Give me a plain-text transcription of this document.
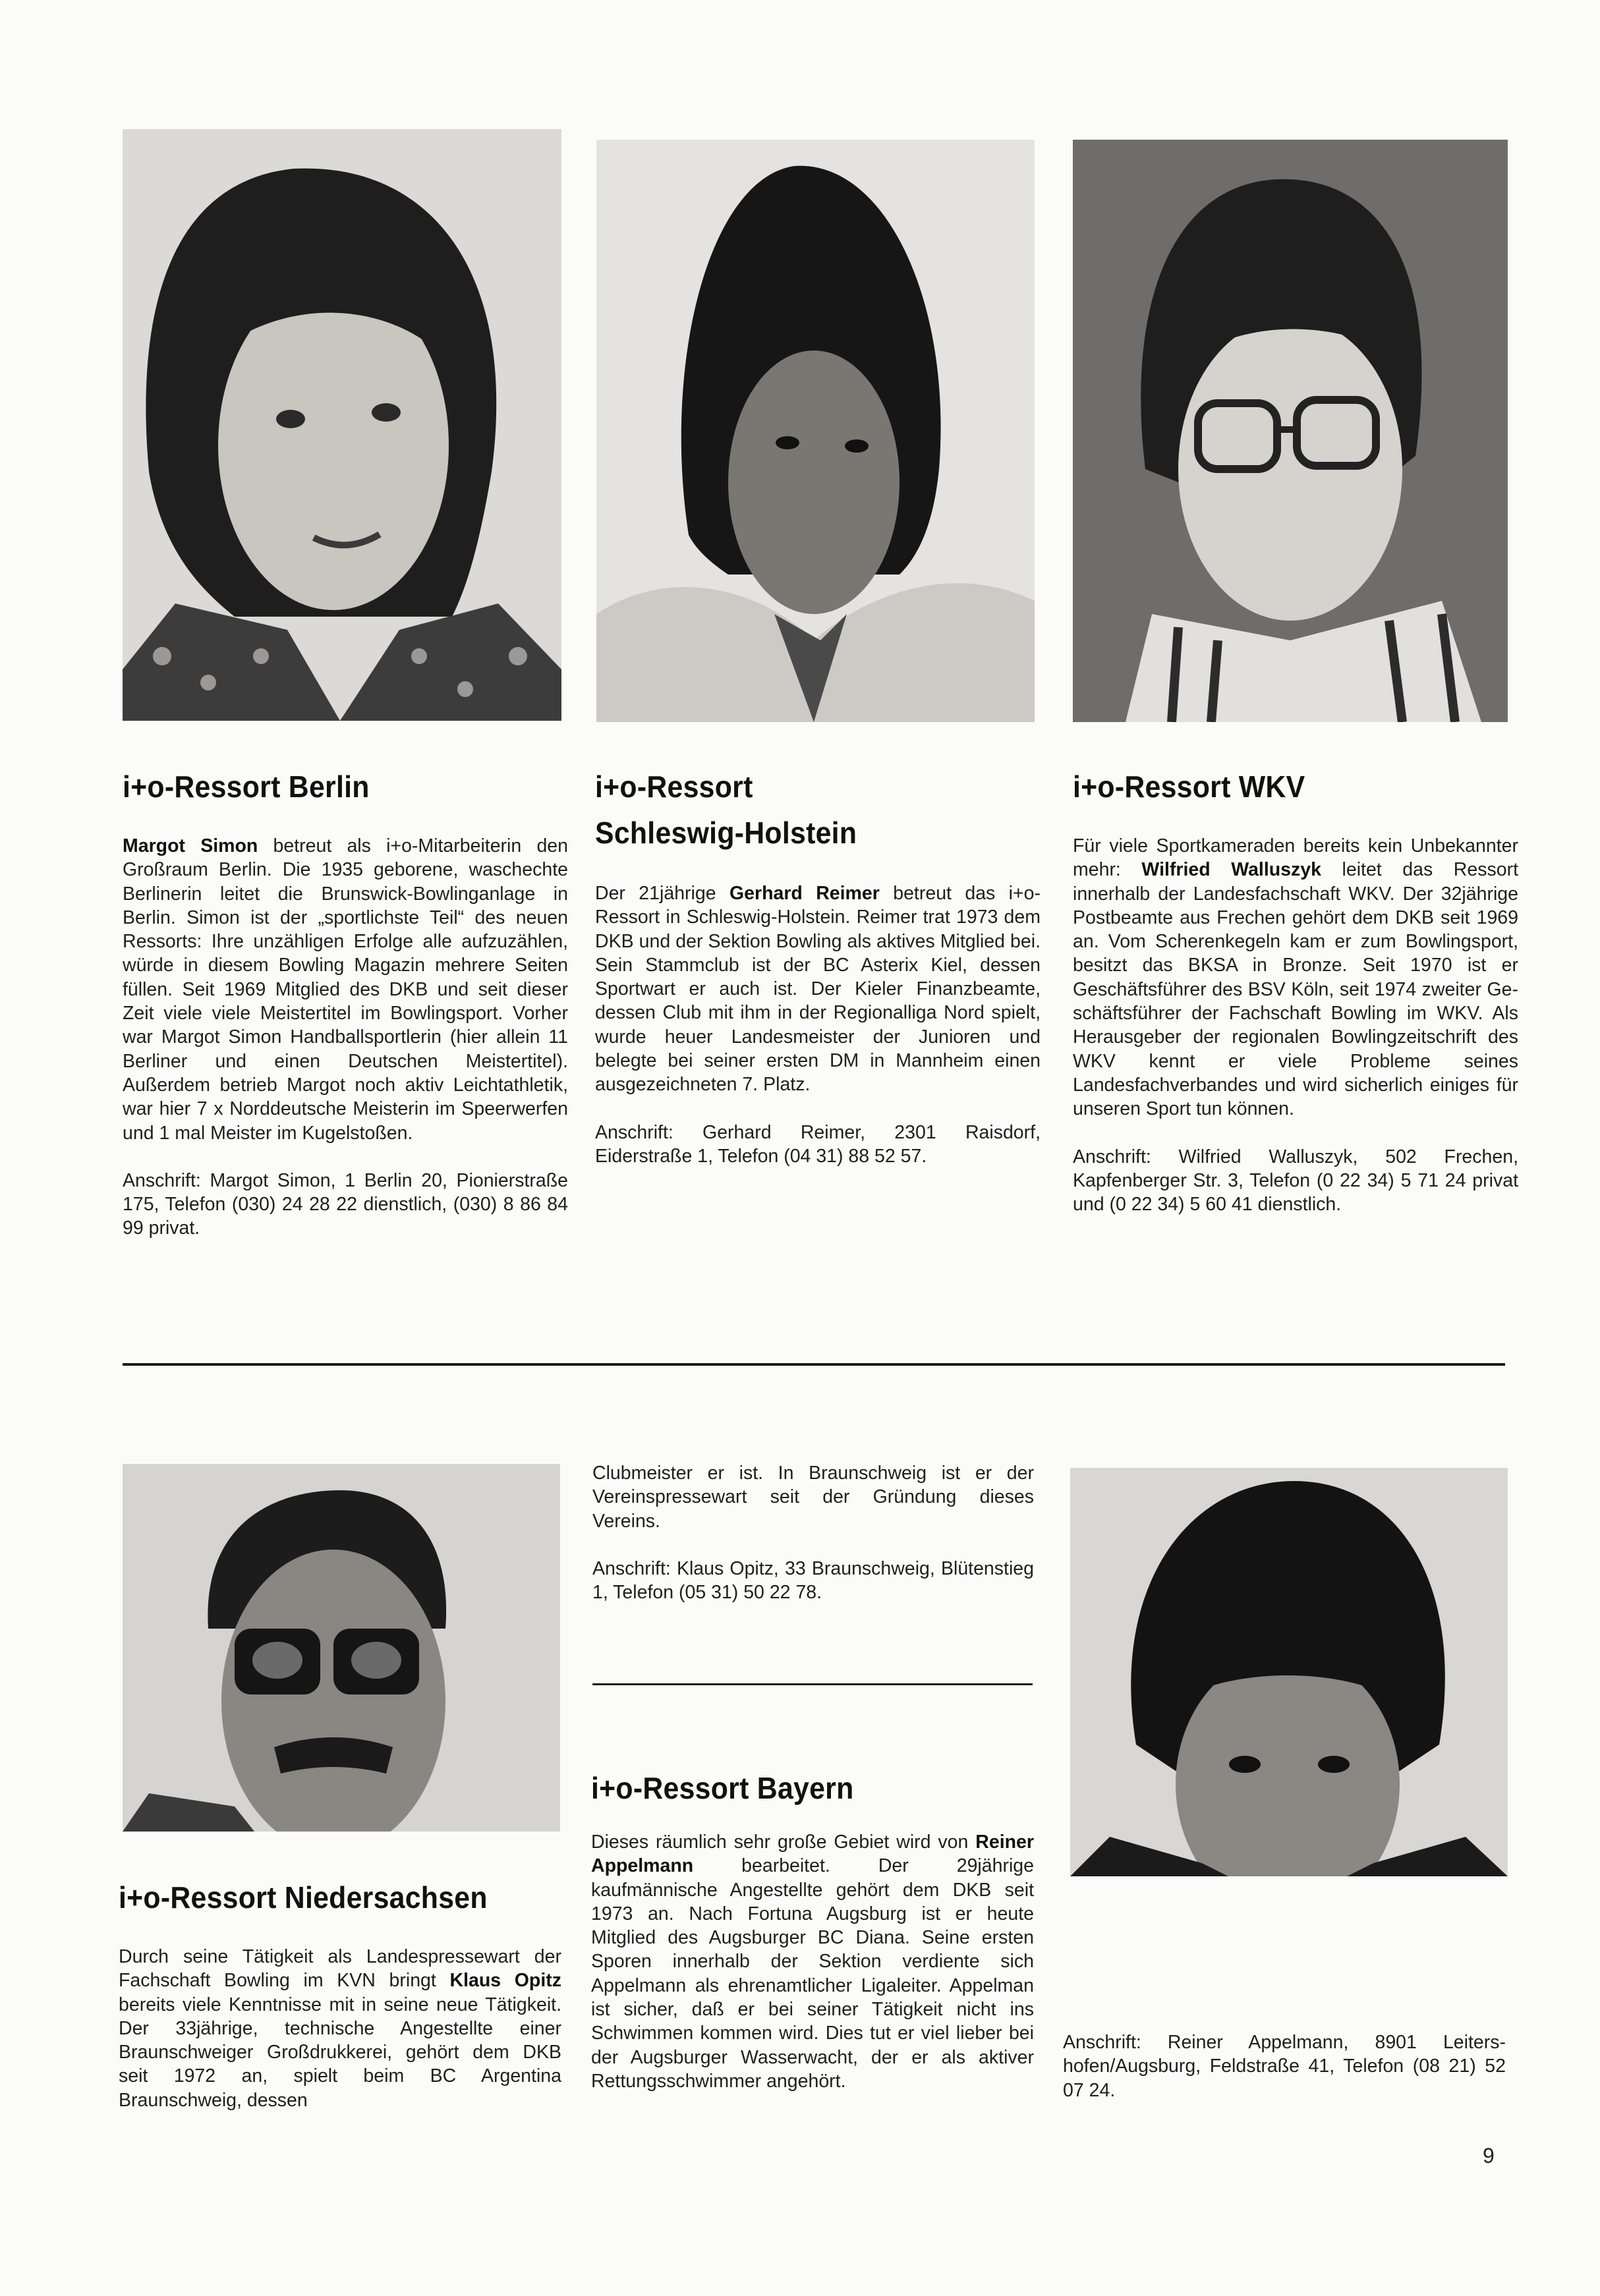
i+o-Ressort Berlin

Margot Simon betreut als i+o-Mitarbeiterin den Großraum Berlin. Die 1935 geborene, waschechte Berlinerin leitet die Brunswick-Bowlinganlage in Berlin. Simon ist der „sportlichste Teil“ des neuen Ressorts: Ihre unzähligen Erfolge alle aufzuzählen, würde in diesem Bowling Magazin mehrere Seiten füllen. Seit 1969 Mitglied des DKB und seit dieser Zeit viele viele Meistertitel im Bowlingsport. Vorher war Margot Simon Handballsportlerin (hier allein 11 Berliner und einen Deutschen Meistertitel). Außerdem betrieb Margot noch aktiv Leichtathletik, war hier 7 x Norddeutsche Meisterin im Speerwerfen und 1 mal Meister im Kugelstoßen.

Anschrift: Margot Simon, 1 Berlin 20, Pionierstraße 175, Telefon (030) 24 28 22 dienstlich, (030) 8 86 84 99 privat.

i+o-Ressort
Schleswig-Holstein

Der 21jährige Gerhard Reimer betreut das i+o-Ressort in Schleswig-Holstein. Reimer trat 1973 dem DKB und der Sektion Bowling als aktives Mitglied bei. Sein Stammclub ist der BC Asterix Kiel, dessen Sportwart er auch ist. Der Kieler Finanzbeamte, dessen Club mit ihm in der Regionalliga Nord spielt, wurde heuer Landesmeister der Junioren und belegte bei seiner ersten DM in Mannheim einen ausgezeichneten 7. Platz.

Anschrift: Gerhard Reimer, 2301 Raisdorf, Eiderstraße 1, Telefon (04 31) 88 52 57.

i+o-Ressort WKV

Für viele Sportkameraden bereits kein Unbekannter mehr: Wilfried Walluszyk leitet das Ressort innerhalb der Landesfachschaft WKV. Der 32jährige Postbeamte aus Frechen gehört dem DKB seit 1969 an. Vom Scherenkegeln kam er zum Bowlingsport, besitzt das BKSA in Bronze. Seit 1970 ist er Geschäftsführer des BSV Köln, seit 1974 zweiter Geschäftsführer der Fachschaft Bowling im WKV. Als Herausgeber der regionalen Bowlingzeitschrift des WKV kennt er viele Probleme seines Landesfachverbandes und wird sicherlich einiges für unseren Sport tun können.

Anschrift: Wilfried Walluszyk, 502 Frechen, Kapfenberger Str. 3, Telefon (0 22 34) 5 71 24 privat und (0 22 34) 5 60 41 dienstlich.

i+o-Ressort Niedersachsen

Durch seine Tätigkeit als Landespressewart der Fachschaft Bowling im KVN bringt Klaus Opitz bereits viele Kenntnisse mit in seine neue Tätigkeit. Der 33jährige, technische Angestellte einer Braunschweiger Großdrukkerei, gehört dem DKB seit 1972 an, spielt beim BC Argentina Braunschweig, dessen

Clubmeister er ist. In Braunschweig ist er der Vereinspressewart seit der Gründung dieses Vereins.

Anschrift: Klaus Opitz, 33 Braunschweig, Blütenstieg 1, Telefon (05 31) 50 22 78.

i+o-Ressort Bayern

Dieses räumlich sehr große Gebiet wird von Reiner Appelmann bearbeitet. Der 29jährige kaufmännische Angestellte gehört dem DKB seit 1973 an. Nach Fortuna Augsburg ist er heute Mitglied des Augsburger BC Diana. Seine ersten Sporen innerhalb der Sektion verdiente sich Appelmann als ehrenamtlicher Ligaleiter. Appelman ist sicher, daß er bei seiner Tätigkeit nicht ins Schwimmen kommen wird. Dies tut er viel lieber bei der Augsburger Wasserwacht, der er als aktiver Rettungsschwimmer angehört.

Anschrift: Reiner Appelmann, 8901 Leitershofen/Augsburg, Feldstraße 41, Telefon (08 21) 52 07 24.

9
